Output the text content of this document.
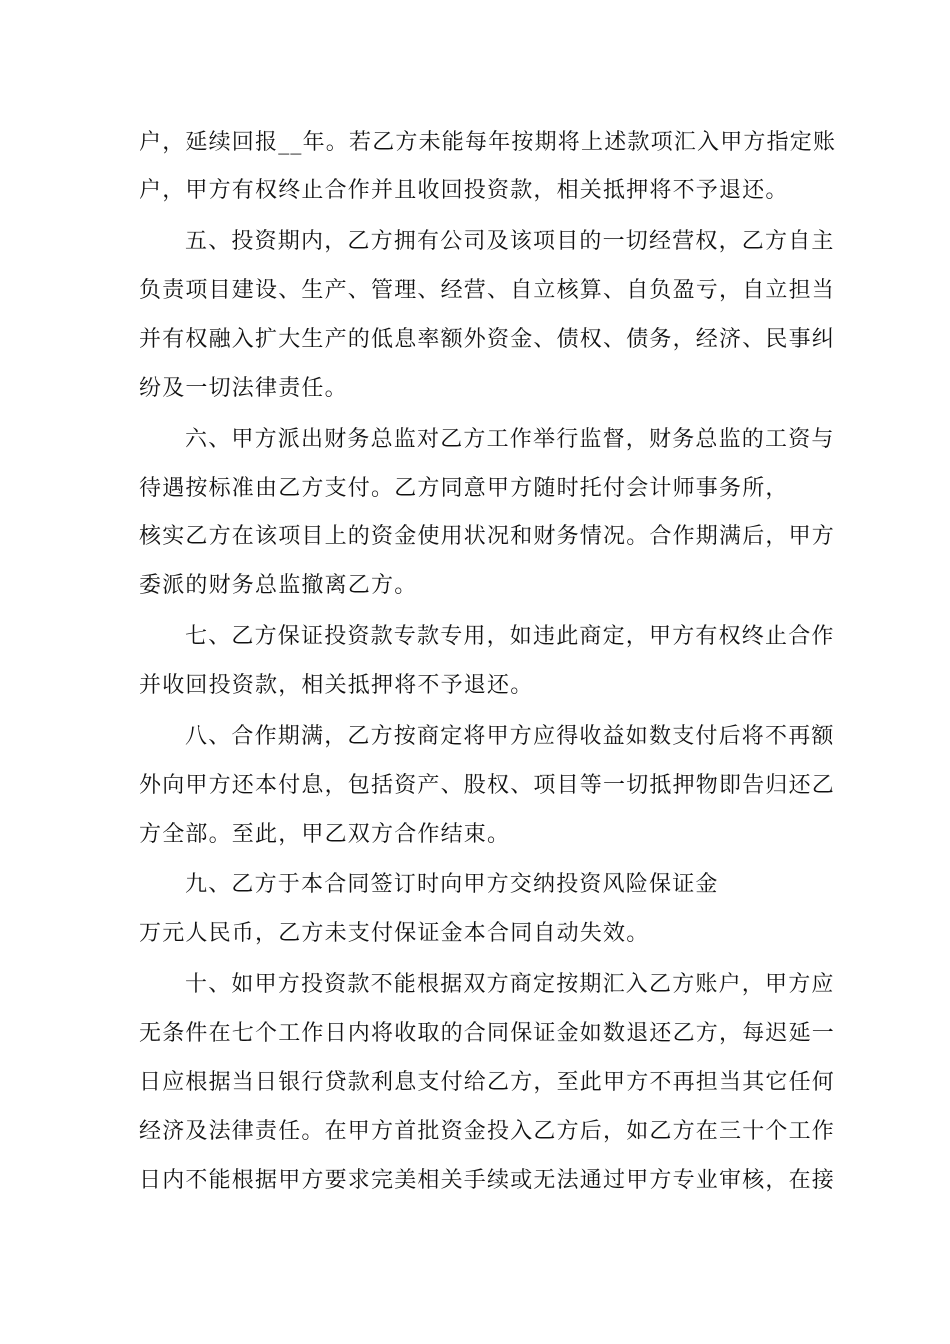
户，延续回报__年。若乙方未能每年按期将上述款项汇入甲方指定账
户，甲方有权终止合作并且收回投资款，相关抵押将不予退还。
五、投资期内，乙方拥有公司及该项目的一切经营权，乙方自主
负责项目建设、生产、管理、经营、自立核算、自负盈亏，自立担当
并有权融入扩大生产的低息率额外资金、债权、债务，经济、民事纠
纷及一切法律责任。
六、甲方派出财务总监对乙方工作举行监督，财务总监的工资与
待遇按标准由乙方支付。乙方同意甲方随时托付会计师事务所，
核实乙方在该项目上的资金使用状况和财务情况。合作期满后，甲方
委派的财务总监撤离乙方。
七、乙方保证投资款专款专用，如违此商定，甲方有权终止合作
并收回投资款，相关抵押将不予退还。
八、合作期满，乙方按商定将甲方应得收益如数支付后将不再额
外向甲方还本付息，包括资产、股权、项目等一切抵押物即告归还乙
方全部。至此，甲乙双方合作结束。
九、乙方于本合同签订时向甲方交纳投资风险保证金
万元人民币，乙方未支付保证金本合同自动失效。
十、如甲方投资款不能根据双方商定按期汇入乙方账户，甲方应
无条件在七个工作日内将收取的合同保证金如数退还乙方，每迟延一
日应根据当日银行贷款利息支付给乙方，至此甲方不再担当其它任何
经济及法律责任。在甲方首批资金投入乙方后，如乙方在三十个工作
日内不能根据甲方要求完美相关手续或无法通过甲方专业审核，在接
